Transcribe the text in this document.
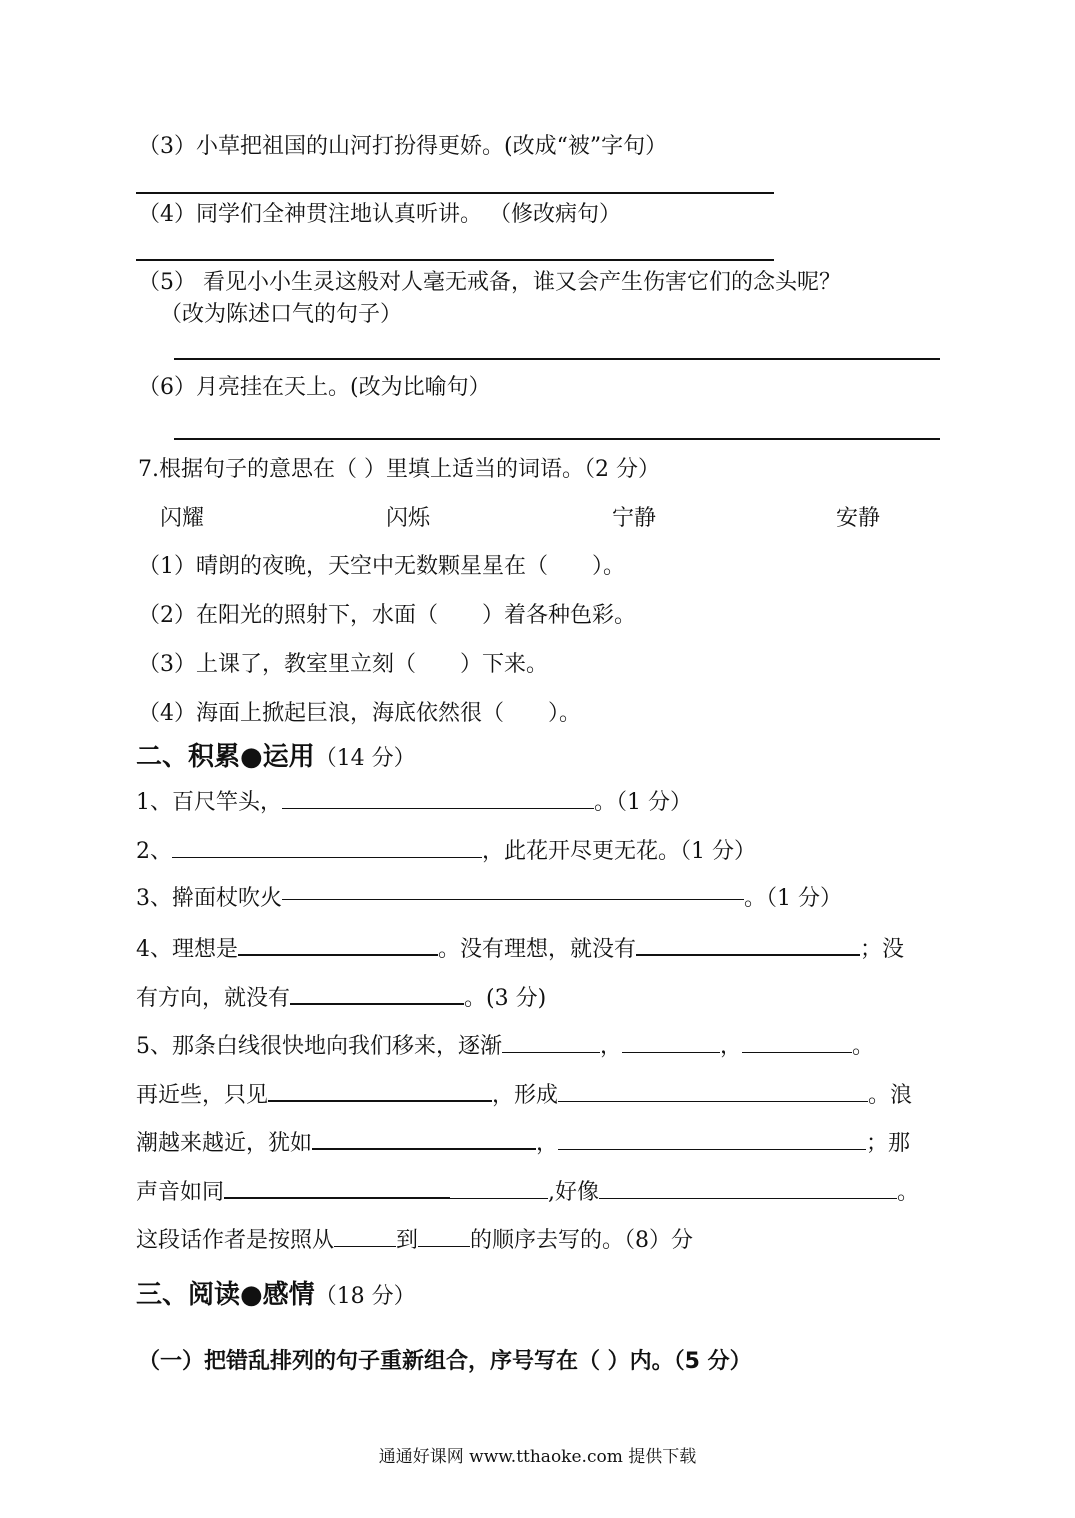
（3）小草把祖国的山河打扮得更娇。(改成“被”字句）
（4）同学们全神贯注地认真听讲。 （修改病句）
（5） 看见小小生灵这般对人毫无戒备，谁又会产生伤害它们的念头呢？
（改为陈述口气的句子）
（6）月亮挂在天上。(改为比喻句）
7.根据句子的意思在（ ）里填上适当的词语。（2 分）
闪耀	闪烁	宁静	安静
（1）晴朗的夜晚，天空中无数颗星星在（　　）。
（2）在阳光的照射下，水面（　　）着各种色彩。
（3）上课了，教室里立刻（　　）下来。
（4）海面上掀起巨浪，海底依然很（　　）。
二、积累●运用（14 分）
1、百尺竿头，	。（1 分）
2、	，此花开尽更无花。（1 分）
3、擀面杖吹火	。（1 分）
4、理想是	。没有理想，就没有	；没
有方向，就没有	。(3 分)
5、那条白线很快地向我们移来，逐渐	，	，	。
再近些，只见	，形成	。浪
潮越来越近，犹如	，	；那
声音如同	,好像	。
这段话作者是按照从	到 的顺序去写的。（8）分
三、阅读●感情（18 分）
（一）把错乱排列的句子重新组合，序号写在（ ）内。（5 分）
通通好课网 www.tthaoke.com 提供下载
